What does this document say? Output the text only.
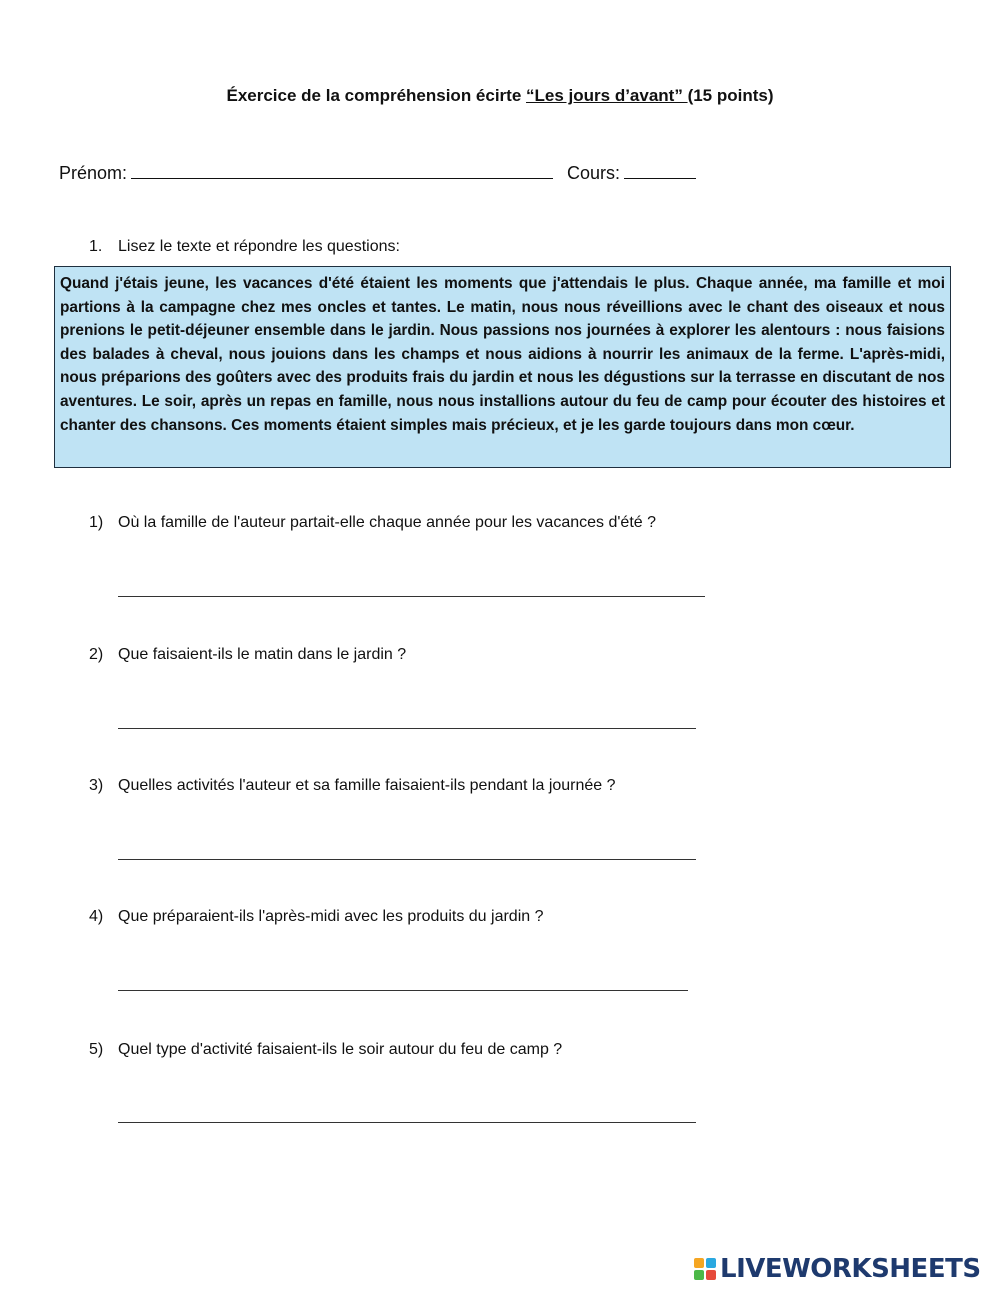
Éxercice de la compréhension écirte “Les jours d’avant” (15 points)
Prénom:	Cours:
1. Lisez le texte et répondre les questions:
Quand j'étais jeune, les vacances d'été étaient les moments que j'attendais le plus. Chaque année, ma famille et moi partions à la campagne chez mes oncles et tantes. Le matin, nous nous réveillions avec le chant des oiseaux et nous prenions le petit-déjeuner ensemble dans le jardin. Nous passions nos journées à explorer les alentours : nous faisions des balades à cheval, nous jouions dans les champs et nous aidions à nourrir les animaux de la ferme. L'après-midi, nous préparions des goûters avec des produits frais du jardin et nous les dégustions sur la terrasse en discutant de nos aventures. Le soir, après un repas en famille, nous nous installions autour du feu de camp pour écouter des histoires et chanter des chansons. Ces moments étaient simples mais précieux, et je les garde toujours dans mon cœur.
1) Où la famille de l'auteur partait-elle chaque année pour les vacances d'été ?
2) Que faisaient-ils le matin dans le jardin ?
3) Quelles activités l'auteur et sa famille faisaient-ils pendant la journée ?
4) Que préparaient-ils l'après-midi avec les produits du jardin ?
5) Quel type d'activité faisaient-ils le soir autour du feu de camp ?
LIVEWORKSHEETS
